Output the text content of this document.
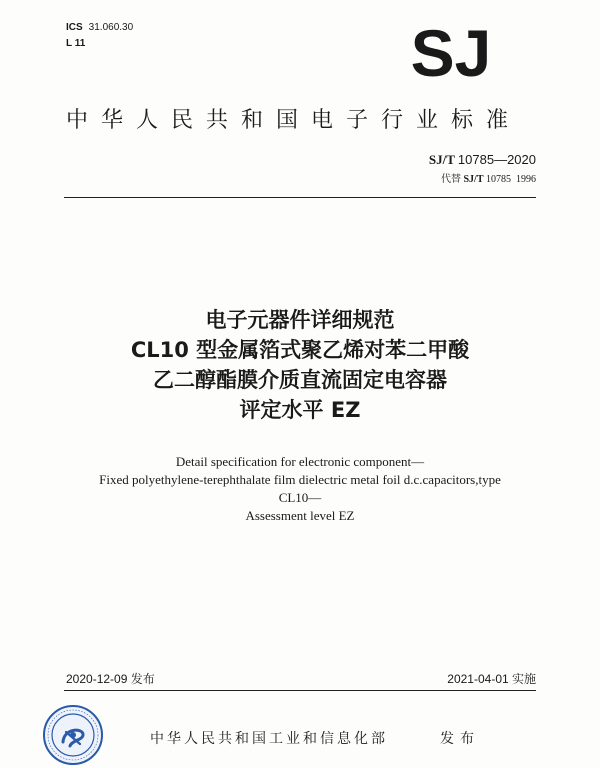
ICS 31.060.30
L 11	SJ
中华人民共和国电子行业标准
SJ/T 10785—2020
代替 SJ/T 10785 1996
电子元器件详细规范
CL10 型金属箔式聚乙烯对苯二甲酸
乙二醇酯膜介质直流固定电容器
评定水平 EZ
Detail specification for electronic component—
Fixed polyethylene-terephthalate film dielectric metal foil d.c.capacitors,type
CL10—
Assessment level EZ
2020-12-09 发布	2021-04-01 实施
中华人民共和国工业和信息化部	发布
